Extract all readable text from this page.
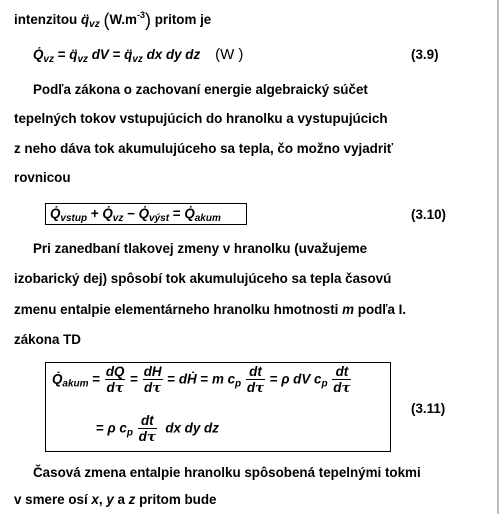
intenzitou $q̈_{vz}$ $(W.m^{-3})$ pritom je
$Q̇_{vz}$ = $q̈_{vz}$ dV = $q̈_{vz}$ dx dy dz (W )	(3.9)
Podľa zákona o zachovaní energie algebraický súčet
tepelných tokov vstupujúcich do hranolku a vystupujúcich
z neho dáva tok akumulujúceho sa tepla, čo možno vyjadriť
rovnicou
$Q̇_{vstup}$ + $Q̇_{vz}$ − $Q̇_{výst}$ = $Q̇_{akum}$	(3.10)
Pri zanedbaní tlakovej zmeny v hranolku (uvažujeme
izobarický dej) spôsobí tok akumulujúceho sa tepla časovú
zmenu entalpie elementárneho hranolku hmotnosti m podľa I.
zákona TD
$Q̇_{akum} = \frac{dQ}{d\tau} = \frac{dH}{d\tau}$ = dḢ = m $c_p \frac{dt}{d\tau} = \rho$ dV $c_p \frac{dt}{d\tau}$
= ρ $c_p \frac{dt}{d\tau}$ dx dy dz
(3.11)
Časová zmena entalpie hranolku spôsobená tepelnými tokmi
v smere osí x, y a z pritom bude
